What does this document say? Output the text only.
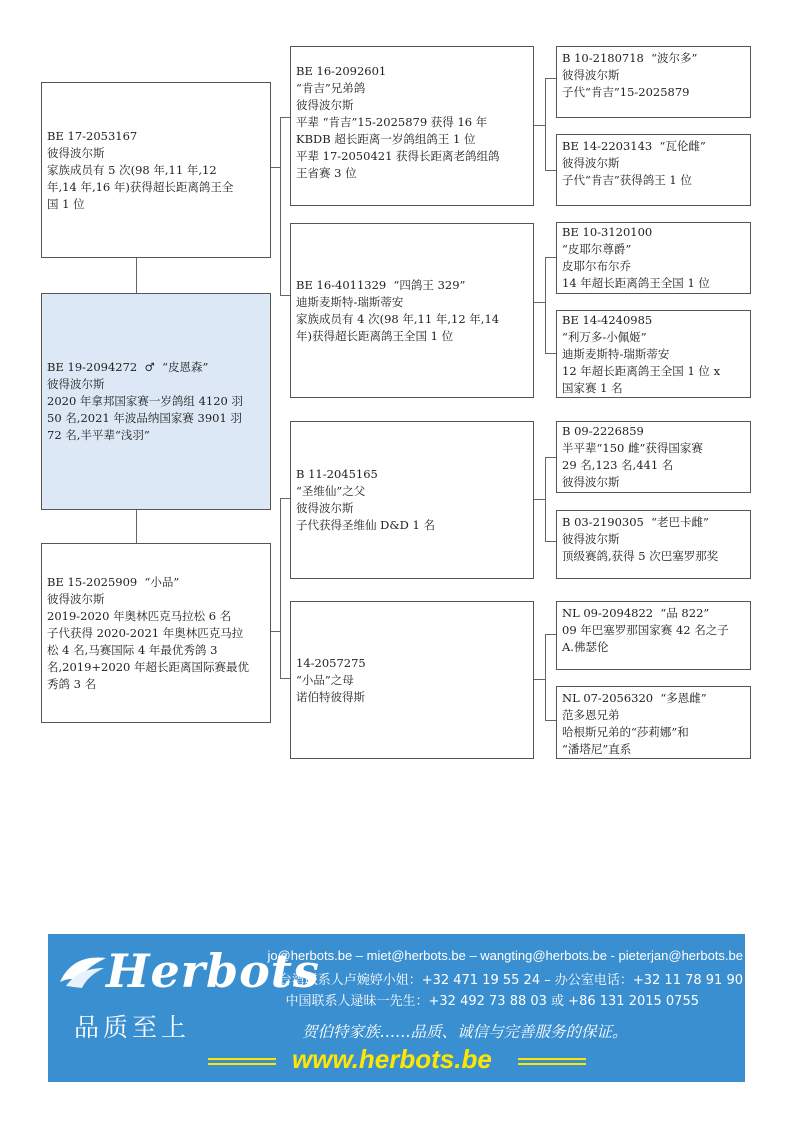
BE 17-2053167
彼得波尔斯
家族成员有 5 次(98 年,11 年,12
年,14 年,16 年)获得超长距离鸽王全
国 1 位
BE 19-2094272  ♂  “皮恩森”
彼得波尔斯
2020 年拿邦国家赛一岁鸽组 4120 羽
50 名,2021 年波品纳国家赛 3901 羽
72 名,半平辈“浅羽”
BE 15-2025909  “小品”
彼得波尔斯
2019-2020 年奥林匹克马拉松 6 名
子代获得 2020-2021 年奥林匹克马拉
松 4 名,马赛国际 4 年最优秀鸽 3
名,2019+2020 年超长距离国际赛最优
秀鸽 3 名
BE 16-2092601
“肯吉”兄弟鸽
彼得波尔斯
平辈 “肯吉”15-2025879 获得 16 年
KBDB 超长距离一岁鸽组鸽王 1 位
平辈 17-2050421 获得长距离老鸽组鸽
王省赛 3 位
BE 16-4011329  “四鸽王 329”
迪斯麦斯特-瑞斯蒂安
家族成员有 4 次(98 年,11 年,12 年,14
年)获得超长距离鸽王全国 1 位
B 11-2045165
“圣维仙”之父
彼得波尔斯
子代获得圣维仙 D&D 1 名
14-2057275
“小品”之母
诺伯特彼得斯
B 10-2180718  “波尔多”
彼得波尔斯
子代“肯吉”15-2025879
BE 14-2203143  “瓦伦雌”
彼得波尔斯
子代“肯吉”获得鸽王 1 位
BE 10-3120100
“皮耶尔尊爵”
皮耶尔布尔乔
14 年超长距离鸽王全国 1 位
BE 14-4240985
“利万多-小佩姬”
迪斯麦斯特-瑞斯蒂安
12 年超长距离鸽王全国 1 位 x
国家赛 1 名
B 09-2226859
半平辈“150 雌”获得国家赛
29 名,123 名,441 名
彼得波尔斯
B 03-2190305  “老巴卡雌”
彼得波尔斯
顶级赛鸽,获得 5 次巴塞罗那奖
NL 09-2094822  “品 822”
09 年巴塞罗那国家赛 42 名之子
A.佛瑟伦
NL 07-2056320  “多恩雌”
范多恩兄弟
哈根斯兄弟的“莎莉娜”和
“潘塔尼”直系
Herbots
品质至上
jo@herbots.be – miet@herbots.be – wangting@herbots.be - pieterjan@herbots.be
台湾联系人卢婉婷小姐：+32 471 19 55 24 – 办公室电话：+32 11 78 91 90
中国联系人逯昧一先生：+32 492 73 88 03 或 +86 131 2015 0755
贺伯特家族……品质、诚信与完善服务的保证。
www.herbots.be
